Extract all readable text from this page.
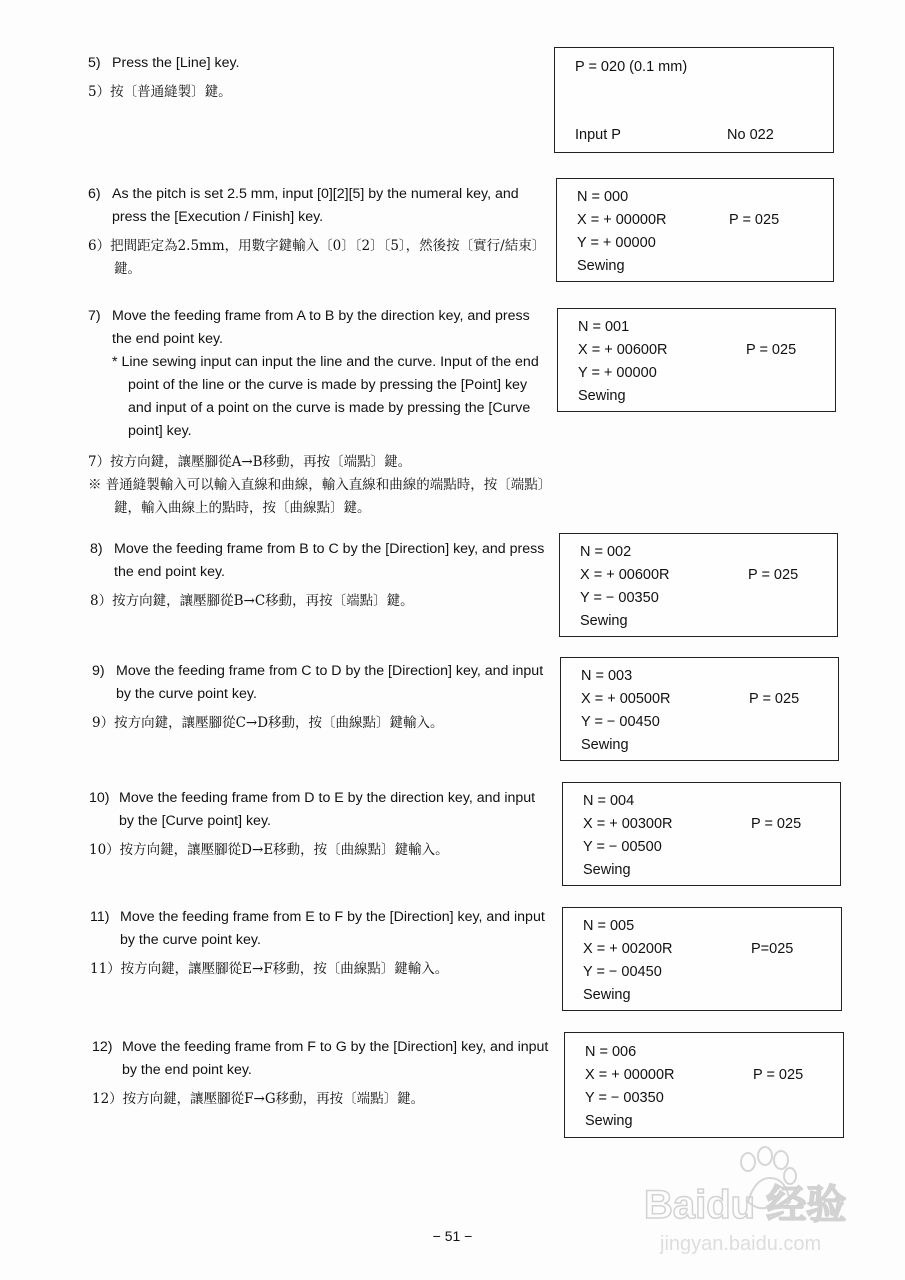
5) Press the [Line] key.

5）按〔普通縫製〕鍵。

P = 020 (0.1 mm)
Input P	No 022

6) As the pitch is set 2.5 mm, input [0][2][5] by the numeral key, and press the [Execution / Finish] key.

6）把間距定為2.5mm，用數字鍵輸入〔0〕〔2〕〔5〕，然後按〔實行/結束〕鍵。

N = 000
X = + 00000R	P = 025
Y = + 00000
Sewing

7) Move the feeding frame from A to B by the direction key, and press the end point key.

* Line sewing input can input the line and the curve. Input of the end point of the line or the curve is made by pressing the [Point] key and input of a point on the curve is made by pressing the [Curve point] key.

7）按方向鍵，讓壓腳從A→B移動，再按〔端點〕鍵。

※ 普通縫製輸入可以輸入直線和曲線，輸入直線和曲線的端點時，按〔端點〕鍵，輸入曲線上的點時，按〔曲線點〕鍵。

N = 001
X = + 00600R	P = 025
Y = + 00000
Sewing

8) Move the feeding frame from B to C by the [Direction] key, and press the end point key.

8）按方向鍵，讓壓腳從B→C移動，再按〔端點〕鍵。

N = 002
X = + 00600R	P = 025
Y = − 00350
Sewing

9) Move the feeding frame from C to D by the [Direction] key, and input by the curve point key.

9）按方向鍵，讓壓腳從C→D移動，按〔曲線點〕鍵輸入。

N = 003
X = + 00500R	P = 025
Y = − 00450
Sewing

10) Move the feeding frame from D to E by the direction key, and input by the [Curve point] key.

10）按方向鍵，讓壓腳從D→E移動，按〔曲線點〕鍵輸入。

N = 004
X = + 00300R	P = 025
Y = − 00500
Sewing

11) Move the feeding frame from E to F by the [Direction] key, and input by the curve point key.

11）按方向鍵，讓壓腳從E→F移動，按〔曲線點〕鍵輸入。

N = 005
X = + 00200R	P=025
Y = − 00450
Sewing

12) Move the feeding frame from F to G by the [Direction] key, and input by the end point key.

12）按方向鍵，讓壓腳從F→G移動，再按〔端點〕鍵。

N = 006
X = + 00000R	P = 025
Y = − 00350
Sewing
Baidu 经验
jingyan.baidu.com
− 51 −
